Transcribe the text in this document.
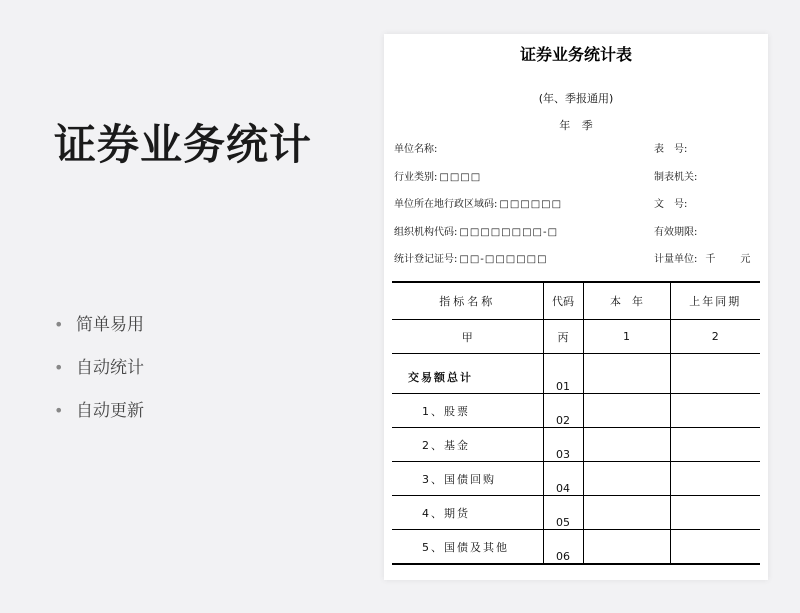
证券业务统计
• 简单易用
• 自动统计
• 自动更新
证券业务统计表
(年、季报通用)
年 季
单位名称:
行业类别: □□□□
单位所在地行政区域码: □□□□□□
组织机构代码: □□□□□□□□-□
统计登记证号: □□-□□□□□□
表　号:
制表机关:
文　号:
有效期限:
计量单位: 千 元
指标名称	代码	本　年	上年同期
甲	丙	1	2

交易额总计	01		
1、股票	02		
2、基金	03		
3、国债回购	04		
4、期货	05		
5、国债及其他	06		
